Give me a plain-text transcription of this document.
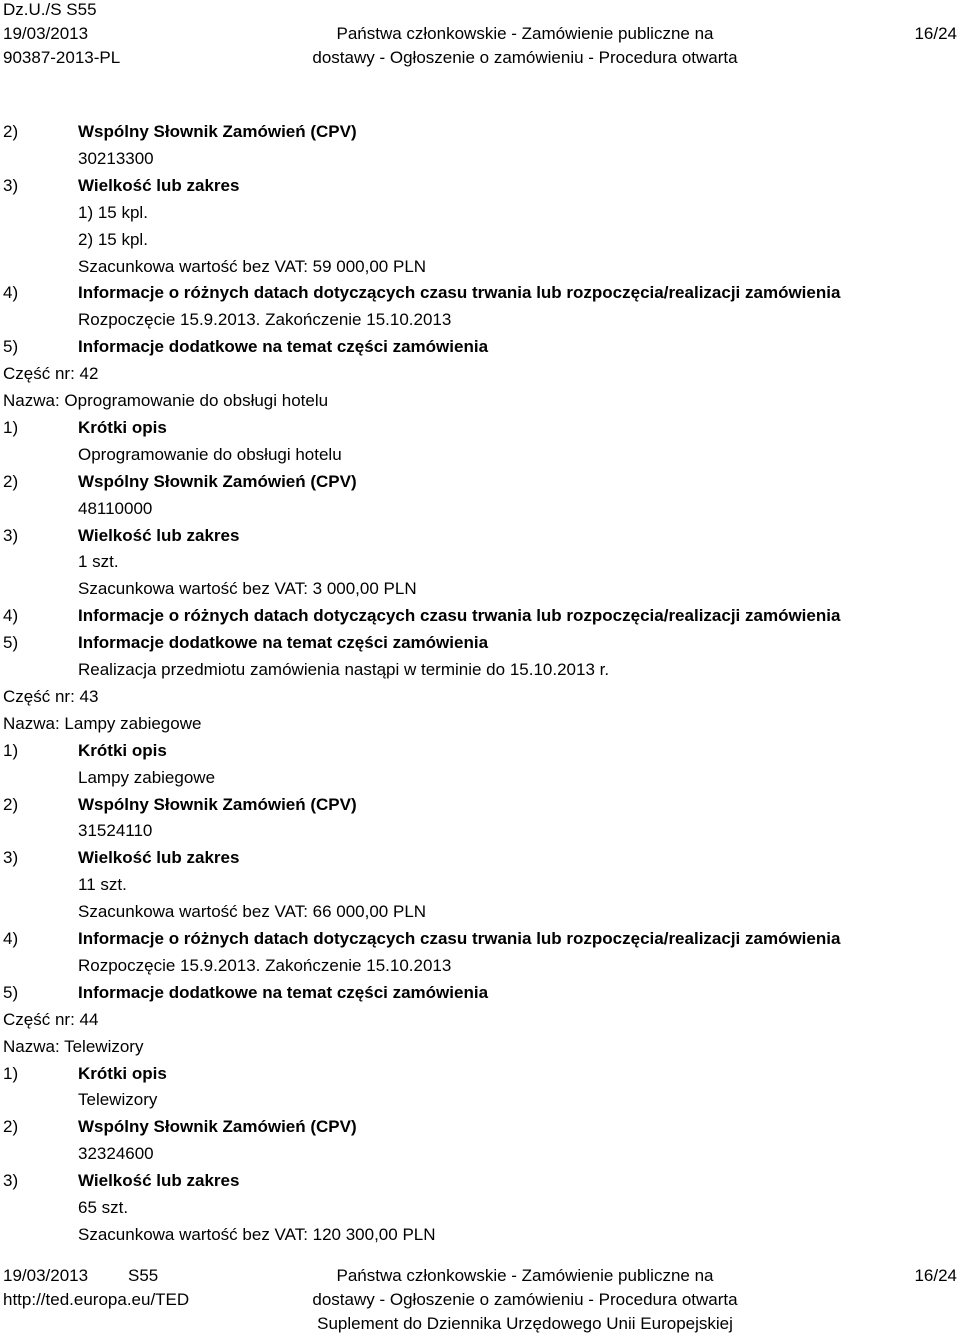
Dz.U./S S55
19/03/2013
90387-2013-PL
Państwa członkowskie - Zamówienie publiczne na
dostawy - Ogłoszenie o zamówieniu - Procedura otwarta
16/24
2)	Wspólny Słownik Zamówień (CPV)
30213300
3)	Wielkość lub zakres
1) 15 kpl.
2) 15 kpl.
Szacunkowa wartość bez VAT: 59 000,00 PLN
4)	Informacje o różnych datach dotyczących czasu trwania lub rozpoczęcia/realizacji zamówienia
Rozpoczęcie 15.9.2013. Zakończenie 15.10.2013
5)	Informacje dodatkowe na temat części zamówienia
Część nr: 42
Nazwa: Oprogramowanie do obsługi hotelu
1)	Krótki opis
Oprogramowanie do obsługi hotelu
2)	Wspólny Słownik Zamówień (CPV)
48110000
3)	Wielkość lub zakres
1 szt.
Szacunkowa wartość bez VAT: 3 000,00 PLN
4)	Informacje o różnych datach dotyczących czasu trwania lub rozpoczęcia/realizacji zamówienia
5)	Informacje dodatkowe na temat części zamówienia
Realizacja przedmiotu zamówienia nastąpi w terminie do 15.10.2013 r.
Część nr: 43
Nazwa: Lampy zabiegowe
1)	Krótki opis
Lampy zabiegowe
2)	Wspólny Słownik Zamówień (CPV)
31524110
3)	Wielkość lub zakres
11 szt.
Szacunkowa wartość bez VAT: 66 000,00 PLN
4)	Informacje o różnych datach dotyczących czasu trwania lub rozpoczęcia/realizacji zamówienia
Rozpoczęcie 15.9.2013. Zakończenie 15.10.2013
5)	Informacje dodatkowe na temat części zamówienia
Część nr: 44
Nazwa: Telewizory
1)	Krótki opis
Telewizory
2)	Wspólny Słownik Zamówień (CPV)
32324600
3)	Wielkość lub zakres
65 szt.
Szacunkowa wartość bez VAT: 120 300,00 PLN
19/03/2013 S55
http://ted.europa.eu/TED
Państwa członkowskie - Zamówienie publiczne na
dostawy - Ogłoszenie o zamówieniu - Procedura otwarta
Suplement do Dziennika Urzędowego Unii Europejskiej
16/24
